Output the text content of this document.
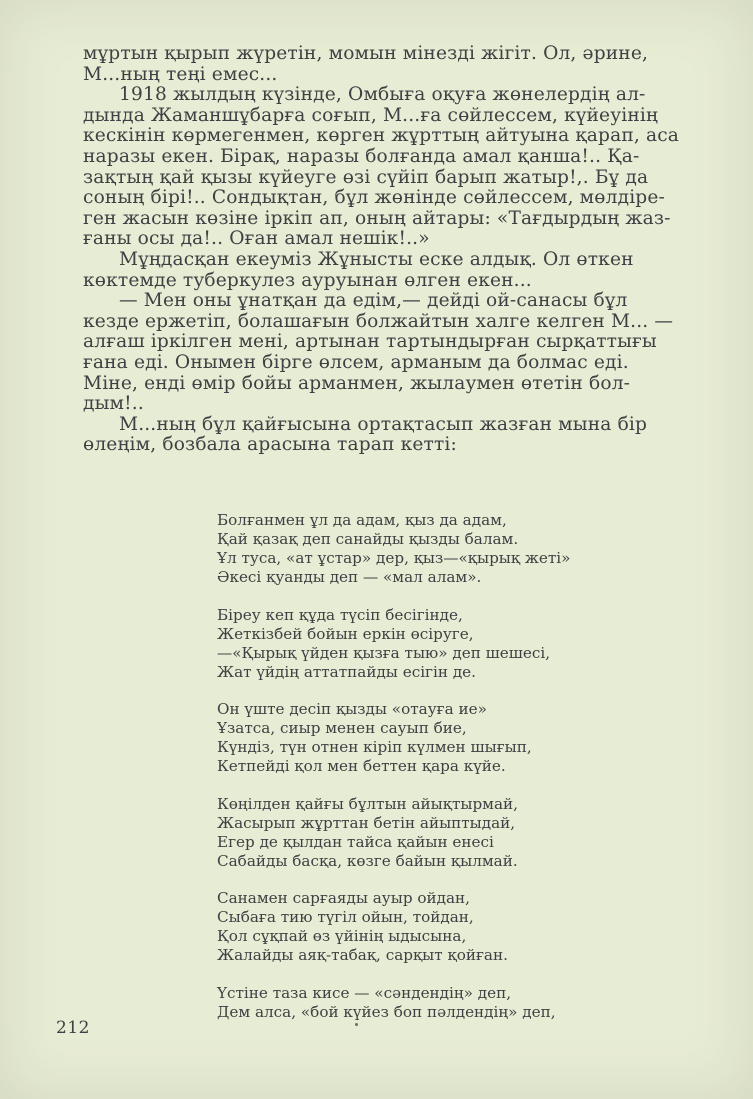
мұртын қырып жүретін, момын мінезді жігіт. Ол, әрине,
М...ның теңі емес...

1918 жылдың күзінде, Омбыға оқуға жөнелердің ал-
дында Жаманшұбарға соғып, М...ға сөйлессем, күйеуінің
кескінін көрмегенмен, көрген жұрттың айтуына қарап, аса
наразы екен. Бірақ, наразы болғанда амал қанша!.. Қа-
зақтың қай қызы күйеуге өзі сүйіп барып жатыр!,. Бұ да
соның бірі!.. Сондықтан, бұл жөнінде сөйлессем, мөлдіре-
ген жасын көзіне іркіп ап, оның айтары: «Тағдырдың жаз-
ғаны осы да!.. Оған амал нешік!..»

Мұңдасқан екеуміз Жұнысты еске алдық. Ол өткен
көктемде туберкулез ауруынан өлген екен...

— Мен оны ұнатқан да едім,— дейді ой-санасы бұл
кезде ержетіп, болашағын болжайтын халге келген М... —
алғаш іркілген мені, артынан тартындырған сырқаттығы
ғана еді. Онымен бірге өлсем, арманым да болмас еді.
Міне, енді өмір бойы арманмен, жылаумен өтетін бол-
дым!..

М...ның бұл қайғысына ортақтасып жазған мына бір
өлеңім, бозбала арасына тарап кетті:

Болғанмен ұл да адам, қыз да адам,
Қай қазақ деп санайды қызды балам.
Ұл туса, «ат ұстар» дер, қыз—«қырық жеті»
Әкесі қуанды деп — «мал алам».
Біреу кеп құда түсіп бесігінде,
Жеткізбей бойын еркін өсіруге,
—«Қырық үйден қызға тыю» деп шешесі,
Жат үйдің аттатпайды есігін де.
Он үште десіп қызды «отауға ие»
Ұзатса, сиыр менен сауып бие,
Күндіз, түн отнен кіріп күлмен шығып,
Кетпейді қол мен беттен қара күйе.
Көңілден қайғы бұлтын айықтырмай,
Жасырып жұрттан бетін айыптыдай,
Егер де қылдан тайса қайын енесі
Сабайды басқа, көзге байын қылмай.
Санамен сарғаяды ауыр ойдан,
Сыбаға тию түгіл ойын, тойдан,
Қол сұқпай өз үйінің ыдысына,
Жалайды аяқ-табақ, сарқыт қойған.
Үстіне таза кисе — «сәндендің» деп,
Дем алса, «бой күйез боп пәлдендің» деп,
212
